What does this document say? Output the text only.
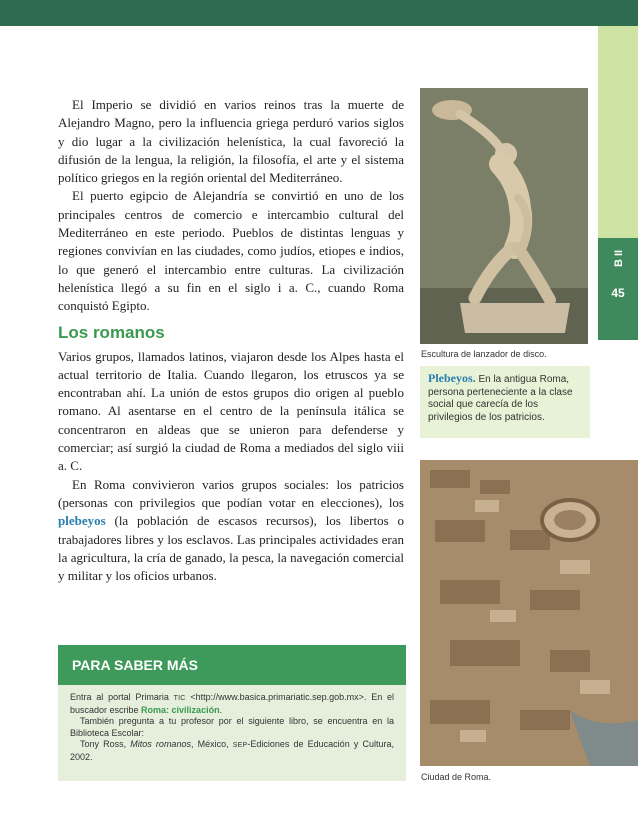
B II
45

El Imperio se dividió en varios reinos tras la muerte de Alejandro Magno, pero la influencia griega perduró varios siglos y dio lugar a la civilización helenística, la cual favoreció la difusión de la lengua, la religión, la filosofía, el arte y el sistema político griegos en la región oriental del Mediterráneo.

El puerto egipcio de Alejandría se convirtió en uno de los principales centros de comercio e intercambio cultural del Mediterráneo en este periodo. Pueblos de distintas lenguas y regiones convivían en las ciudades, como judíos, etiopes e indios, lo que generó el intercambio entre culturas. La civilización helenística llegó a su fin en el siglo i a. C., cuando Roma conquistó Egipto.

Los romanos

Varios grupos, llamados latinos, viajaron desde los Alpes hasta el actual territorio de Italia. Cuando llegaron, los etruscos ya se encontraban ahí. La unión de estos grupos dio origen al pueblo romano. Al asentarse en el centro de la península itálica se concentraron en aldeas que se unieron para defenderse y comerciar; así surgió la ciudad de Roma a mediados del siglo viii a. C.

En Roma convivieron varios grupos sociales: los patricios (personas con privilegios que podían votar en elecciones), los plebeyos (la población de escasos recursos), los libertos o trabajadores libres y los esclavos. Las principales actividades eran la agricultura, la cría de ganado, la pesca, la navegación comercial y militar y los oficios urbanos.

Escultura de lanzador de disco.
Plebeyos. En la antigua Roma, persona perteneciente a la clase social que carecía de los privilegios de los patricios.
Ciudad de Roma.
PARA SABER MÁS

Entra al portal Primaria TIC <http://www.basica.primariatic.sep.gob.mx>. En el buscador escribe Roma: civilización.

También pregunta a tu profesor por el siguiente libro, se encuentra en la Biblioteca Escolar:

Tony Ross, Mitos romanos, México, SEP-Ediciones de Educación y Cultura, 2002.
